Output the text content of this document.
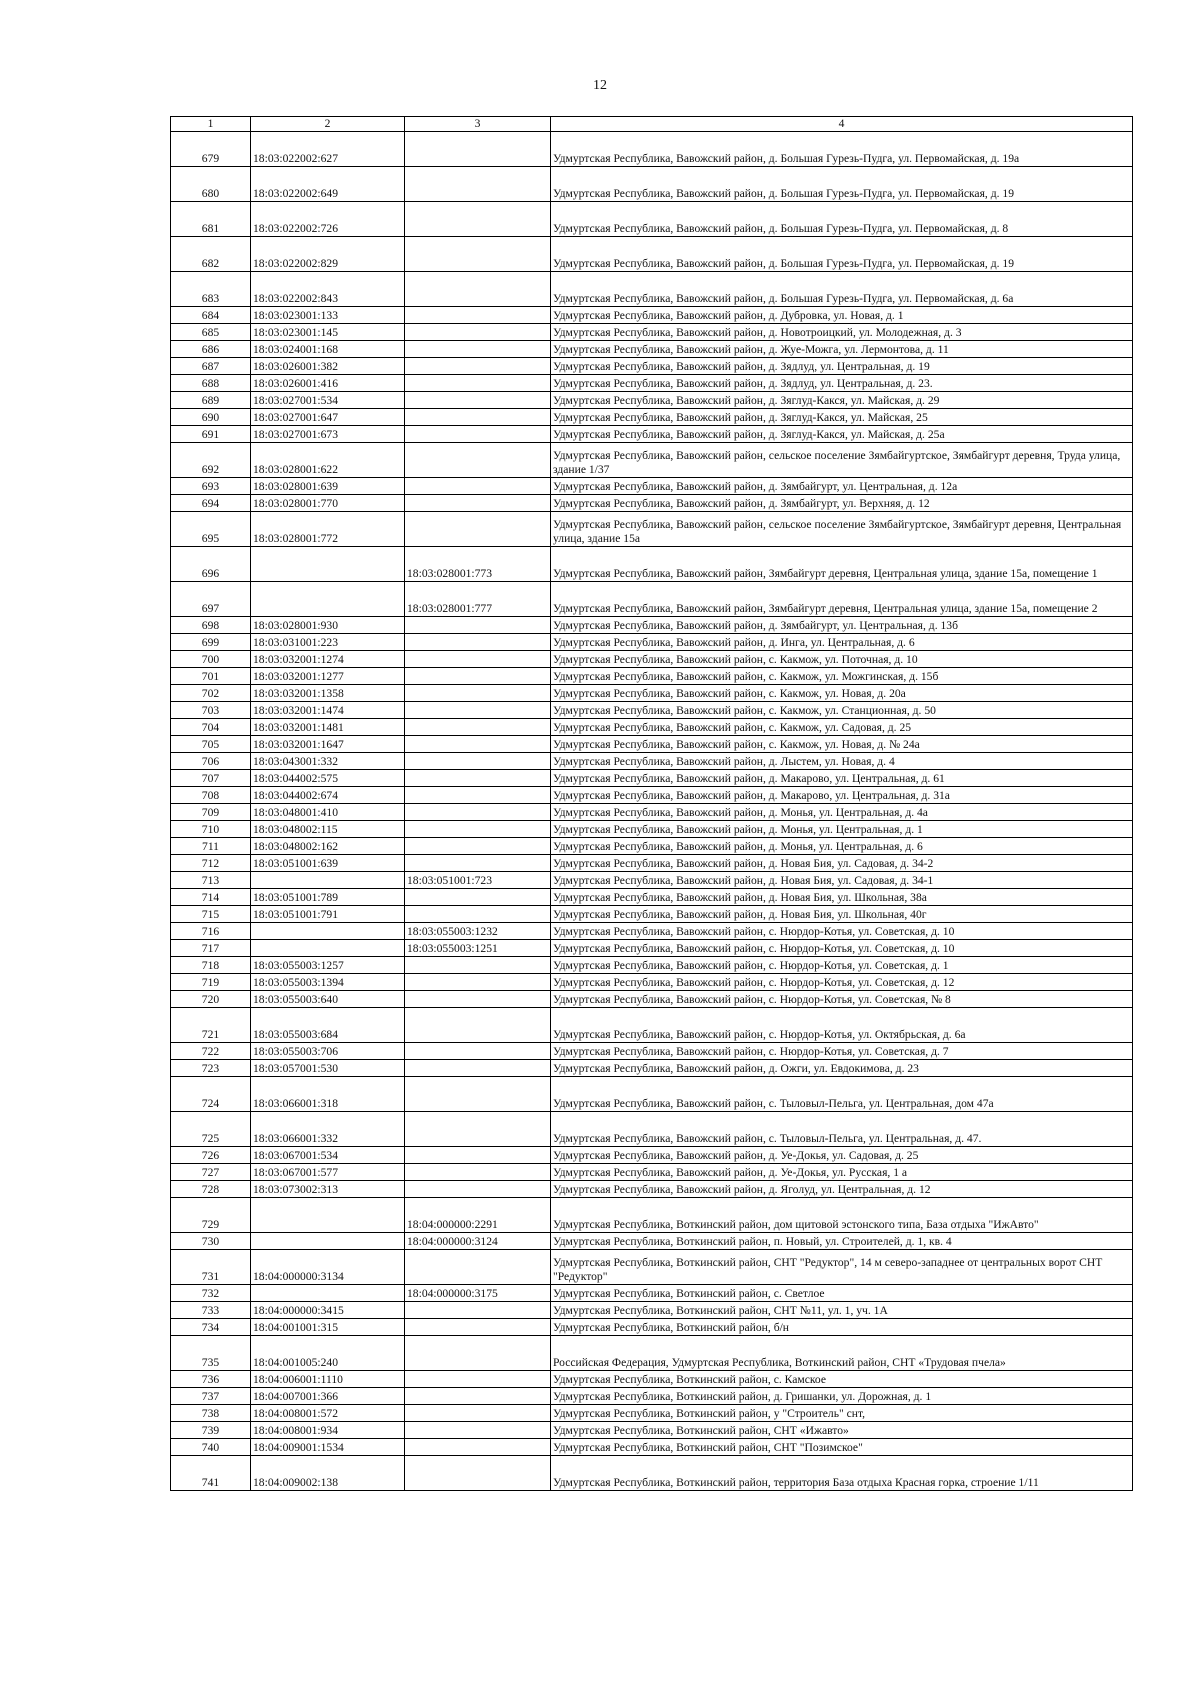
12
1	2	3	4
679	18:03:022002:627		Удмуртская Республика, Вавожский район, д. Большая Гурезь-Пудга, ул. Первомайская, д. 19а
680	18:03:022002:649		Удмуртская Республика, Вавожский район, д. Большая Гурезь-Пудга, ул. Первомайская, д. 19
681	18:03:022002:726		Удмуртская Республика, Вавожский район, д. Большая Гурезь-Пудга, ул. Первомайская, д. 8
682	18:03:022002:829		Удмуртская Республика, Вавожский район, д. Большая Гурезь-Пудга, ул. Первомайская, д. 19
683	18:03:022002:843		Удмуртская Республика, Вавожский район, д. Большая Гурезь-Пудга, ул. Первомайская, д. 6а
684	18:03:023001:133		Удмуртская Республика, Вавожский район, д. Дубровка, ул. Новая, д. 1
685	18:03:023001:145		Удмуртская Республика, Вавожский район, д. Новотроицкий, ул. Молодежная, д. 3
686	18:03:024001:168		Удмуртская Республика, Вавожский район, д. Жуе-Можга, ул. Лермонтова, д. 11
687	18:03:026001:382		Удмуртская Республика, Вавожский район, д. Зядлуд, ул. Центральная, д. 19
688	18:03:026001:416		Удмуртская Республика, Вавожский район, д. Зядлуд, ул. Центральная, д. 23.
689	18:03:027001:534		Удмуртская Республика, Вавожский район, д. Зяглуд-Какся, ул. Майская, д. 29
690	18:03:027001:647		Удмуртская Республика, Вавожский район, д. Зяглуд-Какся, ул. Майская, 25
691	18:03:027001:673		Удмуртская Республика, Вавожский район, д. Зяглуд-Какся, ул. Майская, д. 25а
692	18:03:028001:622		Удмуртская Республика, Вавожский район, сельское поселение Зямбайгуртское, Зямбайгурт деревня, Труда улица, здание 1/37
693	18:03:028001:639		Удмуртская Республика, Вавожский район, д. Зямбайгурт, ул. Центральная, д. 12а
694	18:03:028001:770		Удмуртская Республика, Вавожский район, д. Зямбайгурт, ул. Верхняя, д. 12
695	18:03:028001:772		Удмуртская Республика, Вавожский район, сельское поселение Зямбайгуртское, Зямбайгурт деревня, Центральная улица, здание 15а
696		18:03:028001:773	Удмуртская Республика, Вавожский район, Зямбайгурт деревня, Центральная улица, здание 15а, помещение 1
697		18:03:028001:777	Удмуртская Республика, Вавожский район, Зямбайгурт деревня, Центральная улица, здание 15а, помещение 2
698	18:03:028001:930		Удмуртская Республика, Вавожский район, д. Зямбайгурт, ул. Центральная, д. 13б
699	18:03:031001:223		Удмуртская Республика, Вавожский район, д. Инга, ул. Центральная, д. 6
700	18:03:032001:1274		Удмуртская Республика, Вавожский район, с. Какмож, ул. Поточная, д. 10
701	18:03:032001:1277		Удмуртская Республика, Вавожский район, с. Какмож, ул. Можгинская, д. 15б
702	18:03:032001:1358		Удмуртская Республика, Вавожский район, с. Какмож, ул. Новая, д. 20а
703	18:03:032001:1474		Удмуртская Республика, Вавожский район, с. Какмож, ул. Станционная, д. 50
704	18:03:032001:1481		Удмуртская Республика, Вавожский район, с. Какмож, ул. Садовая, д. 25
705	18:03:032001:1647		Удмуртская Республика, Вавожский район, с. Какмож, ул. Новая, д. № 24а
706	18:03:043001:332		Удмуртская Республика, Вавожский район, д. Лыстем, ул. Новая, д. 4
707	18:03:044002:575		Удмуртская Республика, Вавожский район, д. Макарово, ул. Центральная, д. 61
708	18:03:044002:674		Удмуртская Республика, Вавожский район, д. Макарово, ул. Центральная, д. 31а
709	18:03:048001:410		Удмуртская Республика, Вавожский район, д. Монья, ул. Центральная, д. 4а
710	18:03:048002:115		Удмуртская Республика, Вавожский район, д. Монья, ул. Центральная, д. 1
711	18:03:048002:162		Удмуртская Республика, Вавожский район, д. Монья, ул. Центральная, д. 6
712	18:03:051001:639		Удмуртская Республика, Вавожский район, д. Новая Бия, ул. Садовая, д. 34-2
713		18:03:051001:723	Удмуртская Республика, Вавожский район, д. Новая Бия, ул. Садовая, д. 34-1
714	18:03:051001:789		Удмуртская Республика, Вавожский район, д. Новая Бия, ул. Школьная, 38а
715	18:03:051001:791		Удмуртская Республика, Вавожский район, д. Новая Бия, ул. Школьная, 40г
716		18:03:055003:1232	Удмуртская Республика, Вавожский район, с. Нюрдор-Котья, ул. Советская, д. 10
717		18:03:055003:1251	Удмуртская Республика, Вавожский район, с. Нюрдор-Котья, ул. Советская, д. 10
718	18:03:055003:1257		Удмуртская Республика, Вавожский район, с. Нюрдор-Котья, ул. Советская, д. 1
719	18:03:055003:1394		Удмуртская Республика, Вавожский район, с. Нюрдор-Котья, ул. Советская, д. 12
720	18:03:055003:640		Удмуртская Республика, Вавожский район, с. Нюрдор-Котья, ул. Советская, № 8
721	18:03:055003:684		Удмуртская Республика, Вавожский район, с. Нюрдор-Котья, ул. Октябрьская, д. 6а
722	18:03:055003:706		Удмуртская Республика, Вавожский район, с. Нюрдор-Котья, ул. Советская, д. 7
723	18:03:057001:530		Удмуртская Республика, Вавожский район, д. Ожги, ул. Евдокимова, д. 23
724	18:03:066001:318		Удмуртская Республика, Вавожский район, с. Тыловыл-Пельга, ул. Центральная, дом 47а
725	18:03:066001:332		Удмуртская Республика, Вавожский район, с. Тыловыл-Пельга, ул. Центральная, д. 47.
726	18:03:067001:534		Удмуртская Республика, Вавожский район, д. Уе-Докья, ул. Садовая, д. 25
727	18:03:067001:577		Удмуртская Республика, Вавожский район, д. Уе-Докья, ул. Русская, 1 а
728	18:03:073002:313		Удмуртская Республика, Вавожский район, д. Яголуд, ул. Центральная, д. 12
729		18:04:000000:2291	Удмуртская Республика, Воткинский район, дом щитовой эстонского типа, База отдыха "ИжАвто"
730		18:04:000000:3124	Удмуртская Республика, Воткинский район, п. Новый, ул. Строителей, д. 1, кв. 4
731	18:04:000000:3134		Удмуртская Республика, Воткинский район, СНТ "Редуктор", 14 м северо-западнее от центральных ворот СНТ "Редуктор"
732		18:04:000000:3175	Удмуртская Республика, Воткинский район, с. Светлое
733	18:04:000000:3415		Удмуртская Республика, Воткинский район, СНТ №11, ул. 1, уч. 1А
734	18:04:001001:315		Удмуртская Республика, Воткинский район, б/н
735	18:04:001005:240		Российская Федерация, Удмуртская Республика, Воткинский район, СНТ «Трудовая пчела»
736	18:04:006001:1110		Удмуртская Республика, Воткинский район, с. Камское
737	18:04:007001:366		Удмуртская Республика, Воткинский район, д. Гришанки, ул. Дорожная, д. 1
738	18:04:008001:572		Удмуртская Республика, Воткинский район, у "Строитель" снт,
739	18:04:008001:934		Удмуртская Республика, Воткинский район, СНТ «Ижавто»
740	18:04:009001:1534		Удмуртская Республика, Воткинский район, СНТ "Позимское"
741	18:04:009002:138		Удмуртская Республика, Воткинский район, территория База отдыха Красная горка, строение 1/11
